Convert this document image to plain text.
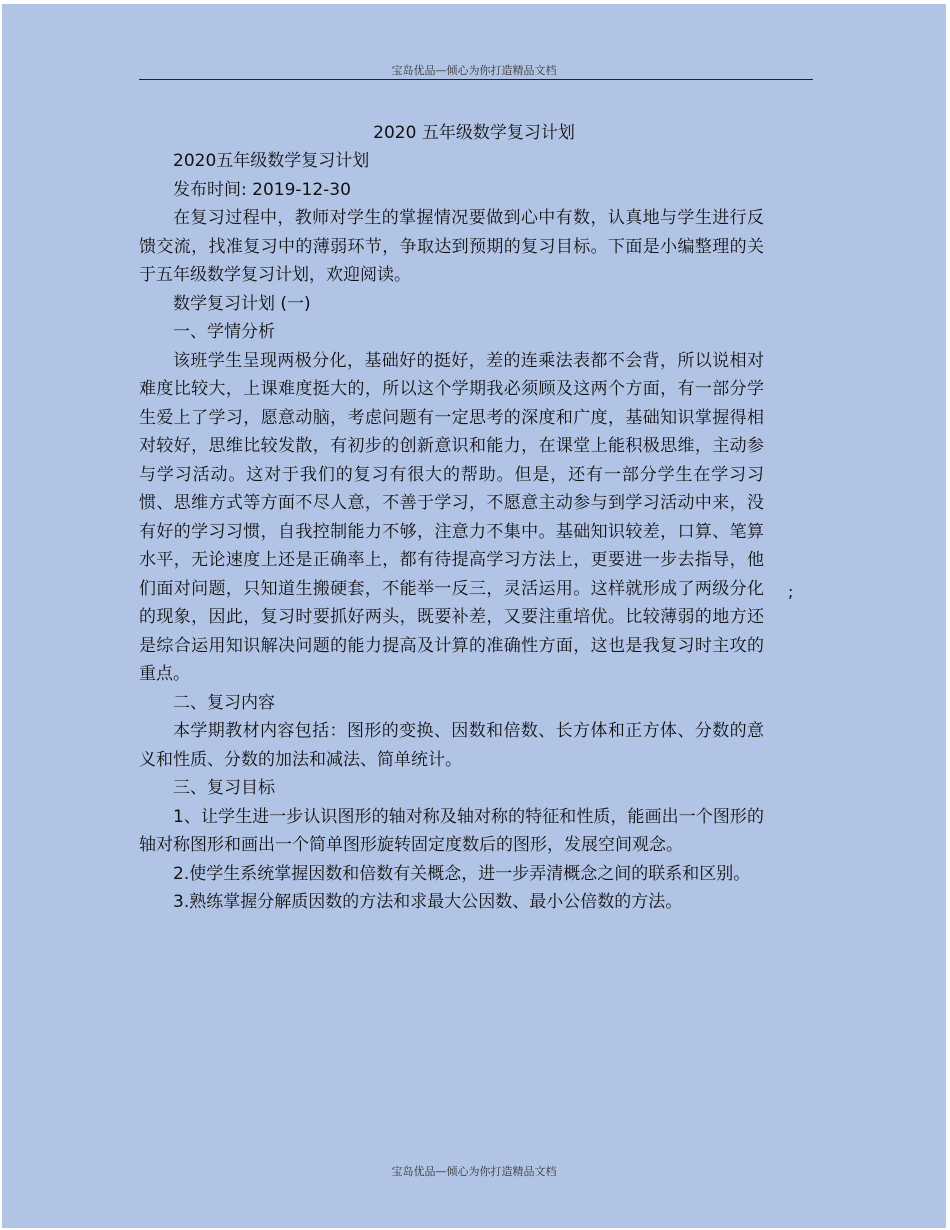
宝岛优品—倾心为你打造精品文档
2020 五年级数学复习计划

2020五年级数学复习计划

发布时间: 2019-12-30

在复习过程中，教师对学生的掌握情况要做到心中有数，认真地与学生进行反馈交流，找准复习中的薄弱环节，争取达到预期的复习目标。下面是小编整理的关于五年级数学复习计划，欢迎阅读。

数学复习计划 (一)

一、学情分析

该班学生呈现两极分化，基础好的挺好，差的连乘法表都不会背，所以说相对难度比较大，上课难度挺大的，所以这个学期我必须顾及这两个方面，有一部分学生爱上了学习，愿意动脑，考虑问题有一定思考的深度和广度，基础知识掌握得相对较好，思维比较发散，有初步的创新意识和能力，在课堂上能积极思维，主动参与学习活动。这对于我们的复习有很大的帮助。但是，还有一部分学生在学习习惯、思维方式等方面不尽人意，不善于学习，不愿意主动参与到学习活动中来，没有好的学习习惯，自我控制能力不够，注意力不集中。基础知识较差，口算、笔算水平，无论速度上还是正确率上，都有待提高学习方法上，更要进一步去指导，他们面对问题，只知道生搬硬套，不能举一反三，灵活运用。这样就形成了两级分化的现象，因此，复习时要抓好两头，既要补差，又要注重培优。比较薄弱的地方还是综合运用知识解决问题的能力提高及计算的准确性方面，这也是我复习时主攻的重点。

二、复习内容

本学期教材内容包括：图形的变换、因数和倍数、长方体和正方体、分数的意义和性质、分数的加法和减法、简单统计。

三、复习目标

1、让学生进一步认识图形的轴对称及轴对称的特征和性质，能画出一个图形的轴对称图形和画出一个简单图形旋转固定度数后的图形，发展空间观念。

2.使学生系统掌握因数和倍数有关概念，进一步弄清概念之间的联系和区别。

3.熟练掌握分解质因数的方法和求最大公因数、最小公倍数的方法。

;
宝岛优品—倾心为你打造精品文档
